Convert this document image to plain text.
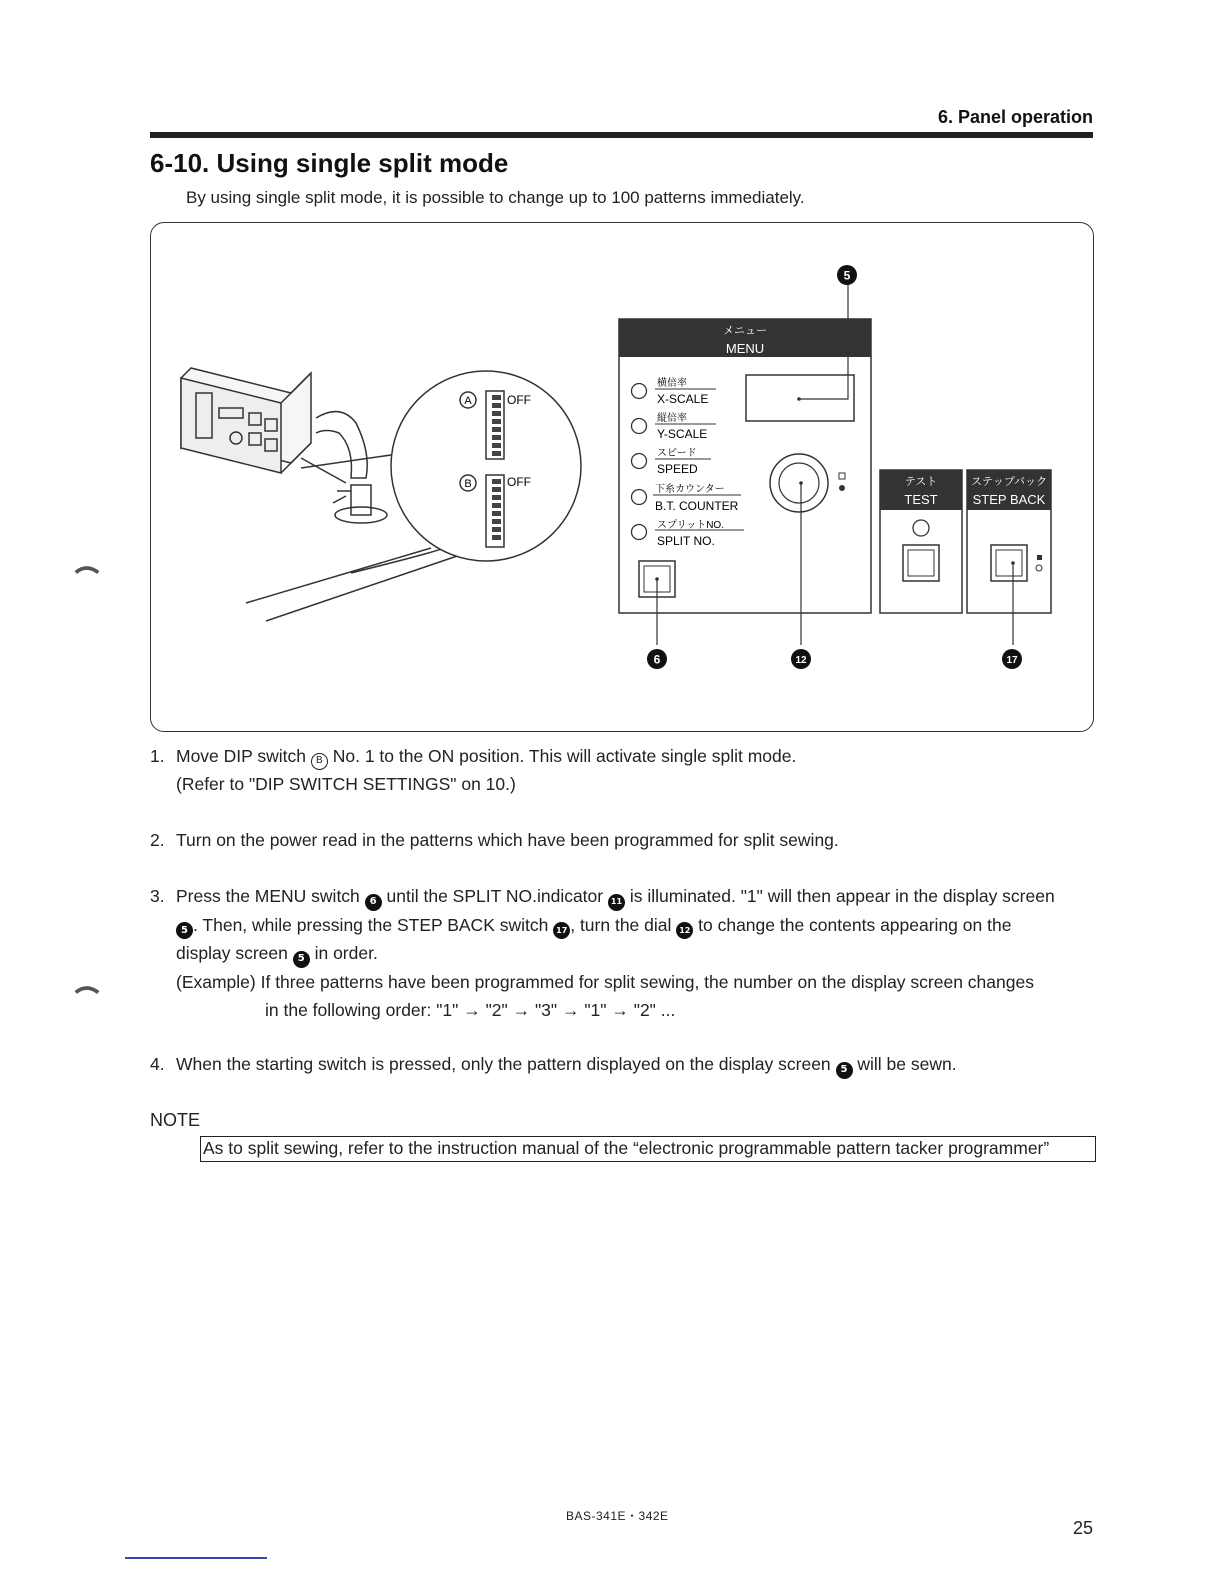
6. Panel operation
6-10. Using single split mode
By using single split mode, it is possible to change up to 100 patterns immediately.
A
B
OFF
OFF
メニュー
MENU
横倍率
X-SCALE
縦倍率
Y-SCALE
スピード
SPEED
下糸カウンター
B.T. COUNTER
スプリットNO.
SPLIT NO.
テスト
TEST
ステップバック
STEP BACK
5
6	12	17
1. Move DIP switch B No. 1 to the ON position. This will activate single split mode.
(Refer to "DIP SWITCH SETTINGS" on 10.)
2. Turn on the power read in the patterns which have been programmed for split sewing.
3. Press the MENU switch 6 until the SPLIT NO.indicator 11 is illuminated. "1" will then appear in the display screen
5 . Then, while pressing the STEP BACK switch 17 , turn the dial 12 to change the contents appearing on the
display screen 5 in order.
(Example) If three patterns have been programmed for split sewing, the number on the display screen changes
in the following order: "1" → "2" → "3" → "1" → "2" ...
4. When the starting switch is pressed, only the pattern displayed on the display screen 5 will be sewn.
NOTE
As to split sewing, refer to the instruction manual of the “electronic programmable pattern tacker programmer”
BAS-341E・342E
25
